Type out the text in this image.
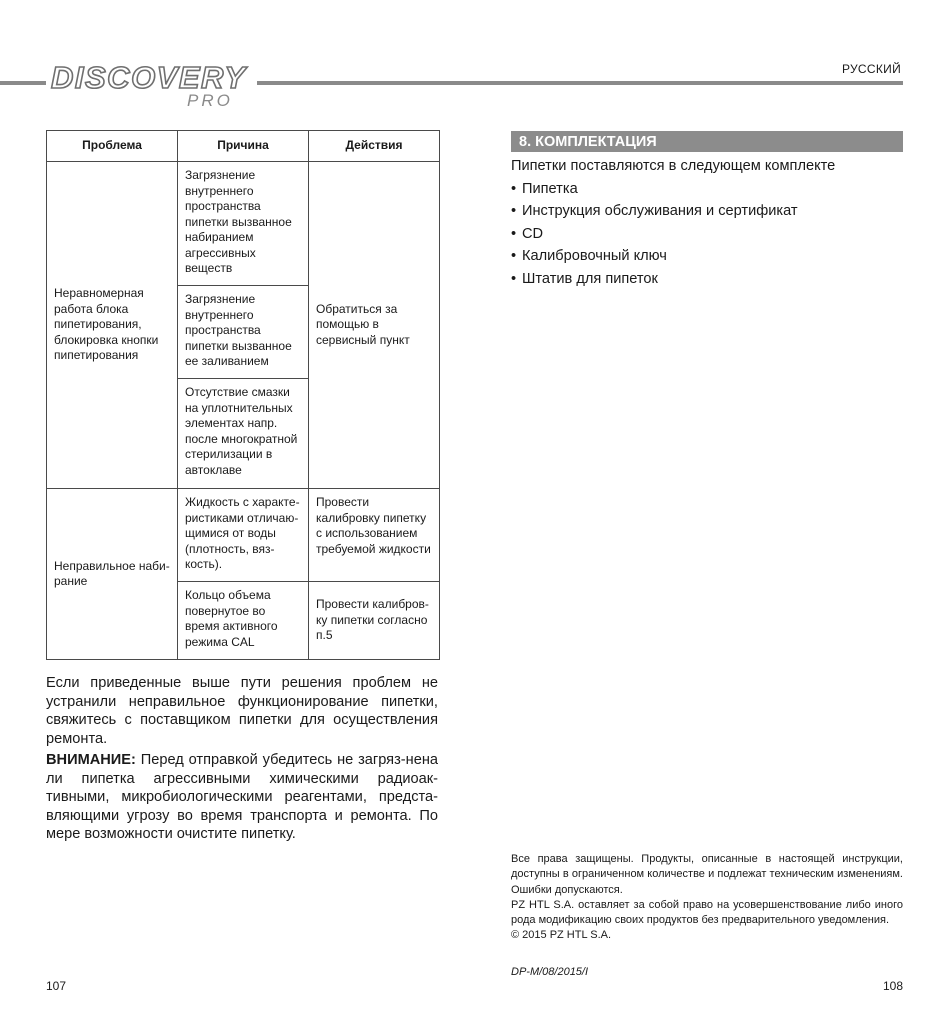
DISCOVERY
PRO
РУССКИЙ
Проблема	Причина	Действия
Неравномерная работа блока пипетирования, блокировка кнопки пипетирования	Загрязнение внутреннего пространства пипетки вызванное набиранием агрессивных веществ	Обратиться за помощью в сервисный пункт
	Загрязнение внутреннего пространства пипетки вызванное ее заливанием	
	Отсутствие смазки на уплотнительных элементах напр. после многократной стерилизации в автоклаве	
Неправильное наби-рание	Жидкость с характе-ристиками отличаю-щимися от воды (плотность, вяз-кость).	Провести калибровку пипетку с использованием требуемой жидкости
	Кольцо объема повернутое во время активного режима CAL	Провести калибров-ку пипетки согласно п.5

Если приведенные выше пути решения проблем не устранили неправильное функционирование пипетки, свяжитесь с поставщиком пипетки для осуществления ремонта.

ВНИМАНИЕ: Перед отправкой убедитесь не загряз-нена ли пипетка агрессивными химическими радиоак-тивными, микробиологическими реагентами, предста-вляющими угрозу во время транспорта и ремонта. По мере возможности очистите пипетку.

8. КОМПЛЕКТАЦИЯ
Пипетки поставляются в следующем комплекте
• Пипетка
• Инструкция обслуживания и сертификат
• CD
• Калибровочный ключ
• Штатив для пипеток

Все права защищены. Продукты, описанные в настоящей инструкции, доступны в ограниченном количестве и подлежат техническим изменениям. Ошибки допускаются.

PZ HTL S.A. оставляет за собой право на усовершенствование либо иного рода модификацию своих продуктов без предварительного уведомления.

© 2015 PZ HTL S.A.

DP-M/08/2015/I
107	108
